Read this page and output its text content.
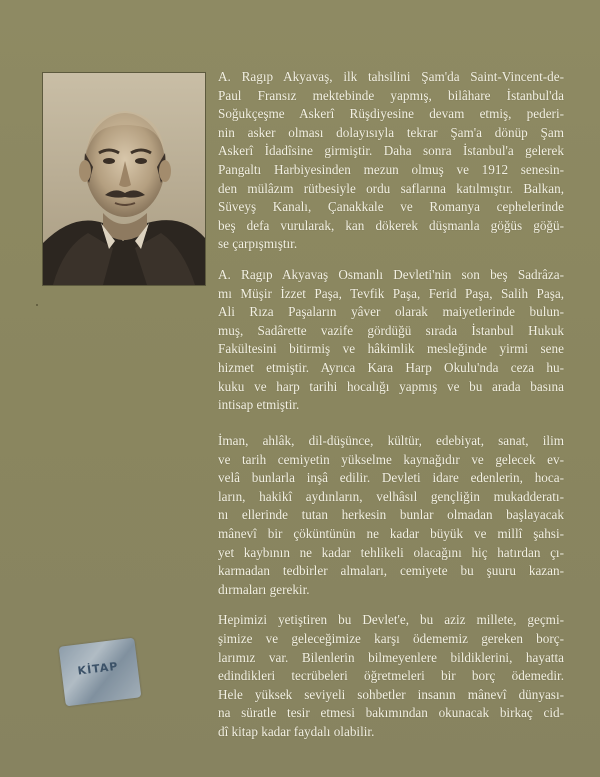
A. Ragıp Akyavaş, ilk tahsilini Şam'da Saint-Vincent-de-
Paul Fransız mektebinde yapmış, bilâhare İstanbul'da
Soğukçeşme Askerî Rüşdiyesine devam etmiş, pederi-
nin asker olması dolayısıyla tekrar Şam'a dönüp Şam
Askerî İdadîsine girmiştir. Daha sonra İstanbul'a gelerek
Pangaltı Harbiyesinden mezun olmuş ve 1912 senesin-
den mülâzım rütbesiyle ordu saflarına katılmıştır. Balkan,
Süveyş Kanalı, Çanakkale ve Romanya cephelerinde
beş defa vurularak, kan dökerek düşmanla göğüs göğü-
se çarpışmıştır.

A. Ragıp Akyavaş Osmanlı Devleti'nin son beş Sadrâza-
mı Müşir İzzet Paşa, Tevfik Paşa, Ferid Paşa, Salih Paşa,
Ali Rıza Paşaların yâver olarak maiyetlerinde bulun-
muş, Sadârette vazife gördüğü sırada İstanbul Hukuk
Fakültesini bitirmiş ve hâkimlik mesleğinde yirmi sene
hizmet etmiştir. Ayrıca Kara Harp Okulu'nda ceza hu-
kuku ve harp tarihi hocalığı yapmış ve bu arada basına
intisap etmiştir.

İman, ahlâk, dil-düşünce, kültür, edebiyat, sanat, ilim
ve tarih cemiyetin yükselme kaynağıdır ve gelecek ev-
velâ bunlarla inşâ edilir. Devleti idare edenlerin, hoca-
ların, hakikî aydınların, velhâsıl gençliğin mukadderatı-
nı ellerinde tutan herkesin bunlar olmadan başlayacak
mânevî bir çöküntünün ne kadar büyük ve millî şahsi-
yet kaybının ne kadar tehlikeli olacağını hiç hatırdan çı-
karmadan tedbirler almaları, cemiyete bu şuuru kazan-
dırmaları gerekir.

Hepimizi yetiştiren bu Devlet'e, bu aziz millete, geçmi-
şimize ve geleceğimize karşı ödememiz gereken borç-
larımız var. Bilenlerin bilmeyenlere bildiklerini, hayatta
edindikleri tecrübeleri öğretmeleri bir borç ödemedir.
Hele yüksek seviyeli sohbetler insanın mânevî dünyası-
na süratle tesir etmesi bakımından okunacak birkaç cid-
dî kitap kadar faydalı olabilir.

KİTAP
